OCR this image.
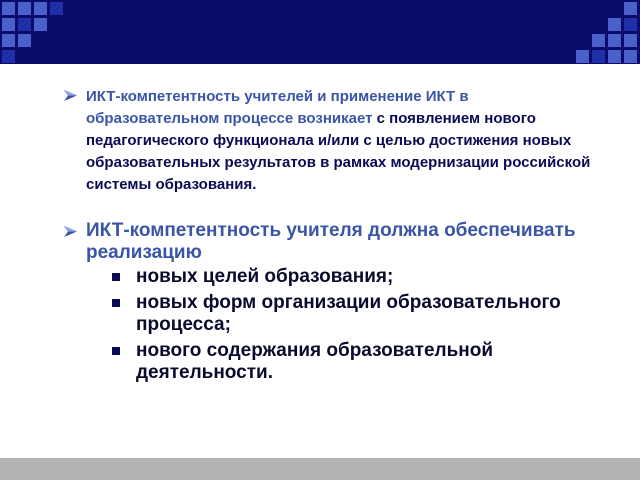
ИКТ-компетентность учителей и применение ИКТ в образовательном процессе возникает с появлением нового педагогического функционала и/или с целью достижения новых образовательных результатов в рамках модернизации российской системы образования.
ИКТ-компетентность учителя должна обеспечивать реализацию
новых целей образования;
новых форм организации образовательного процесса;
нового содержания образовательной деятельности.
